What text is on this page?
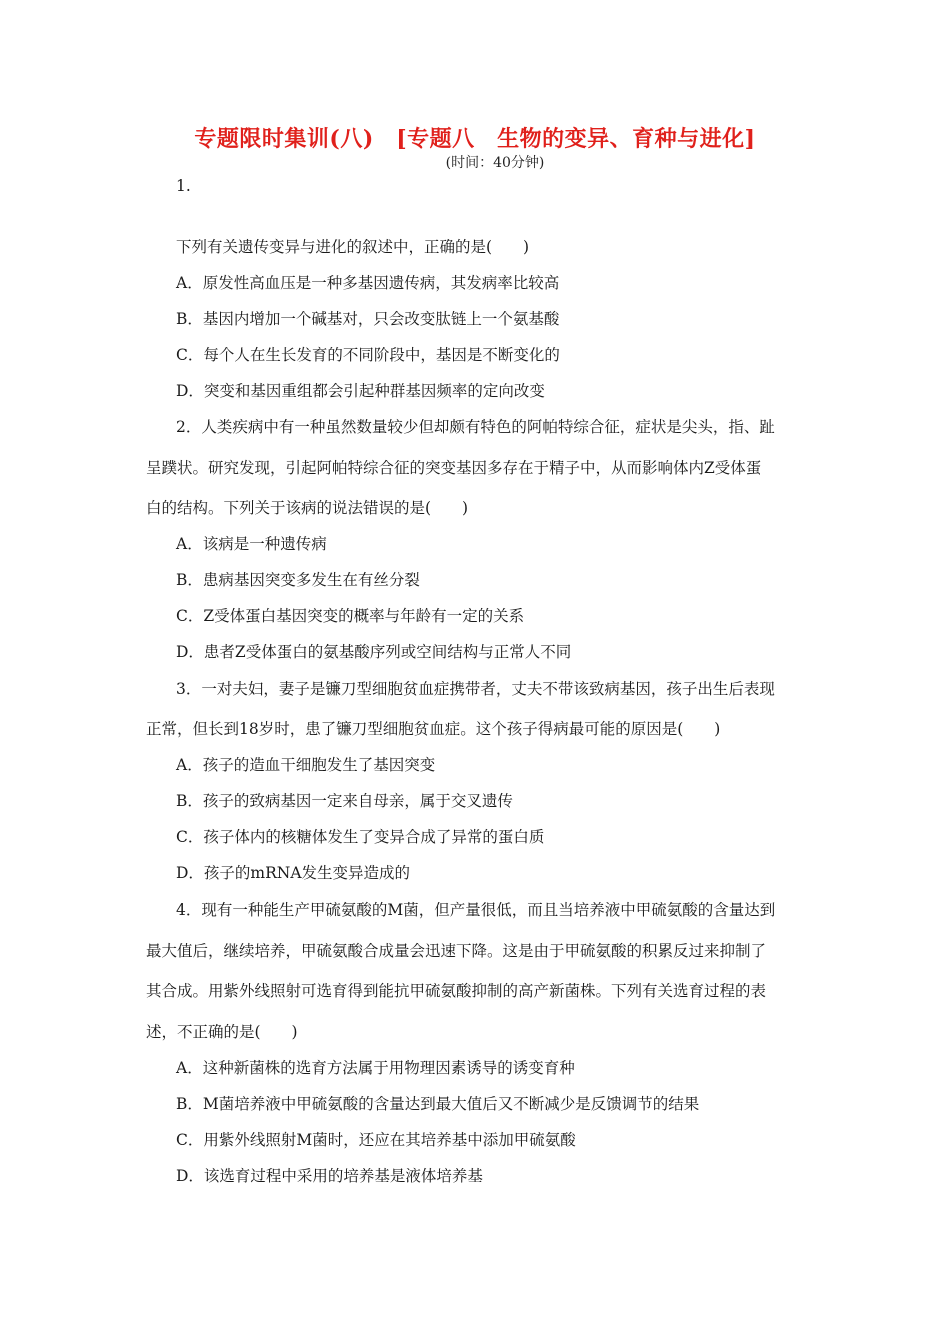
专题限时集训(八)　[专题八　生物的变异、育种与进化]
(时间：40分钟)
1.
下列有关遗传变异与进化的叙述中，正确的是(　　)
A．原发性高血压是一种多基因遗传病，其发病率比较高
B．基因内增加一个碱基对，只会改变肽链上一个氨基酸
C．每个人在生长发育的不同阶段中，基因是不断变化的
D．突变和基因重组都会引起种群基因频率的定向改变
2．人类疾病中有一种虽然数量较少但却颇有特色的阿帕特综合征，症状是尖头，指、趾
呈蹼状。研究发现，引起阿帕特综合征的突变基因多存在于精子中，从而影响体内Z受体蛋
白的结构。下列关于该病的说法错误的是(　　)
A．该病是一种遗传病
B．患病基因突变多发生在有丝分裂
C．Z受体蛋白基因突变的概率与年龄有一定的关系
D．患者Z受体蛋白的氨基酸序列或空间结构与正常人不同
3．一对夫妇，妻子是镰刀型细胞贫血症携带者，丈夫不带该致病基因，孩子出生后表现
正常，但长到18岁时，患了镰刀型细胞贫血症。这个孩子得病最可能的原因是(　　)
A．孩子的造血干细胞发生了基因突变
B．孩子的致病基因一定来自母亲，属于交叉遗传
C．孩子体内的核糖体发生了变异合成了异常的蛋白质
D．孩子的mRNA发生变异造成的
4．现有一种能生产甲硫氨酸的M菌，但产量很低，而且当培养液中甲硫氨酸的含量达到
最大值后，继续培养，甲硫氨酸合成量会迅速下降。这是由于甲硫氨酸的积累反过来抑制了
其合成。用紫外线照射可选育得到能抗甲硫氨酸抑制的高产新菌株。下列有关选育过程的表
述，不正确的是(　　)
A．这种新菌株的选育方法属于用物理因素诱导的诱变育种
B．M菌培养液中甲硫氨酸的含量达到最大值后又不断减少是反馈调节的结果
C．用紫外线照射M菌时，还应在其培养基中添加甲硫氨酸
D．该选育过程中采用的培养基是液体培养基
